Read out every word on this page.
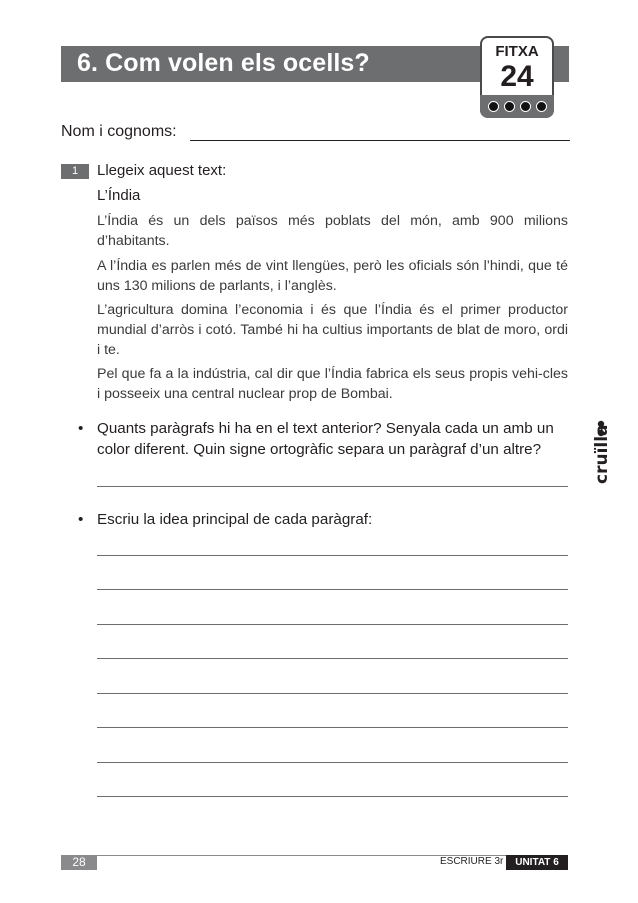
6. Com volen els ocells?	FITXA
24
Nom i cognoms:
1	Llegeix aquest text:
L’Índia
L’Índia és un dels països més poblats del món, amb 900 milions d’habitants.
A l’Índia es parlen més de vint llengües, però les oficials són l’hindi, que té uns 130 milions de parlants, i l’anglès.
L’agricultura domina l’economia i és que l’Índia és el primer productor mundial d’arròs i cotó. També hi ha cultius importants de blat de moro, ordi i te.
Pel que fa a la indústria, cal dir que l’Índia fabrica els seus propis vehi-cles i posseeix una central nuclear prop de Bombai.
• Quants paràgrafs hi ha en el text anterior? Senyala cada un amb un color diferent. Quin signe ortogràfic separa un paràgraf d’un altre?
• Escriu la idea principal de cada paràgraf:
cruïlla
28	ESCRIURE 3r	UNITAT 6
